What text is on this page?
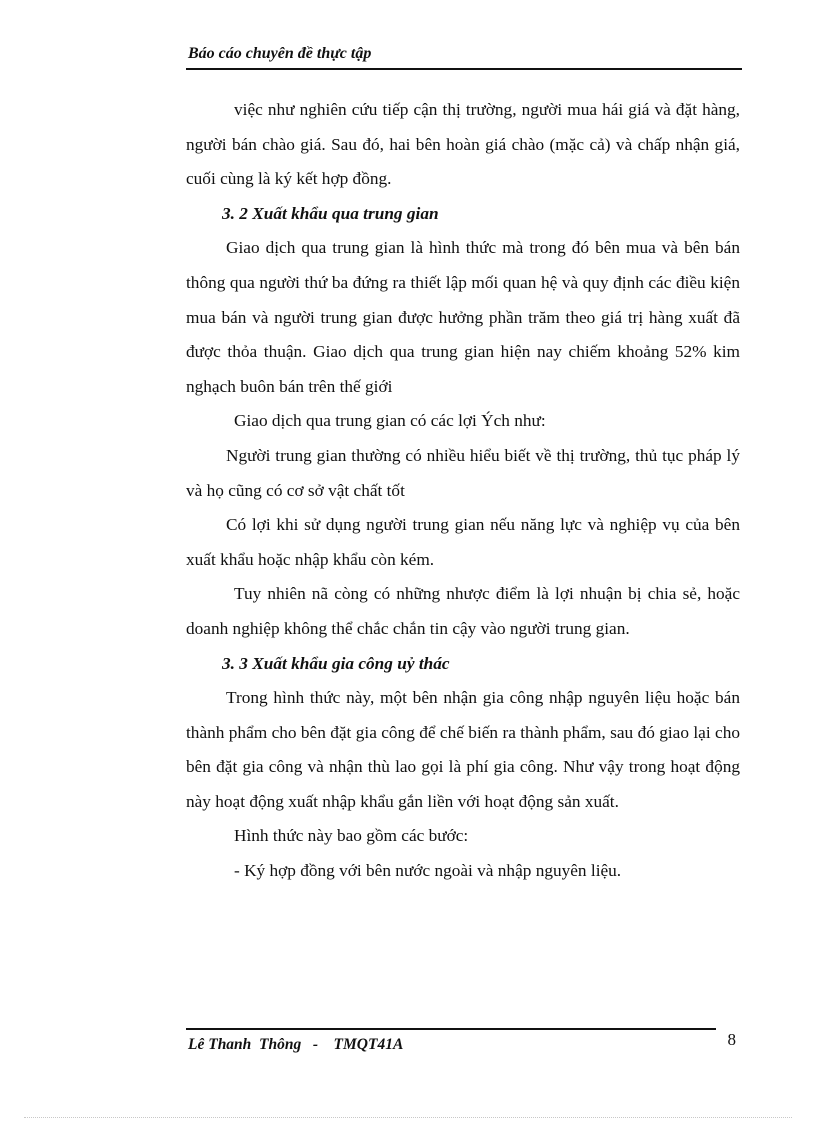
Báo cáo chuyên đề thực tập

việc như nghiên cứu tiếp cận thị trường, người mua hái giá và đặt hàng, người bán chào giá. Sau đó, hai bên hoàn giá chào (mặc cả) và chấp nhận giá, cuối cùng là ký kết hợp đồng.

3. 2 Xuất khẩu qua trung gian

Giao dịch qua trung gian là hình thức mà trong đó bên mua và bên bán thông qua người thứ ba đứng ra thiết lập mối quan hệ và quy định các điều kiện mua bán và người trung gian được hưởng phần trăm theo giá trị hàng xuất đã được thỏa thuận. Giao dịch qua trung gian hiện nay chiếm khoảng 52% kim nghạch buôn bán trên thế giới

Giao dịch qua trung gian có các lợi Ých như:

Người trung gian thường có nhiều hiểu biết về thị trường, thủ tục pháp lý và họ cũng có cơ sở vật chất tốt

Có lợi khi sử dụng người trung gian nếu năng lực và nghiệp vụ của bên xuất khẩu hoặc nhập khẩu còn kém.

Tuy nhiên nã còng có những nhược điểm là lợi nhuận bị chia sẻ, hoặc doanh nghiệp không thể chắc chắn tin cậy vào người trung gian.

3. 3 Xuất khẩu gia công uỷ thác

Trong hình thức này, một bên nhận gia công nhập nguyên liệu hoặc bán thành phẩm cho bên đặt gia công để chế biến ra thành phẩm, sau đó giao lại cho bên đặt gia công và nhận thù lao gọi là phí gia công. Như vậy trong hoạt động này hoạt động xuất nhập khẩu gắn liền với hoạt động sản xuất.

Hình thức này bao gồm các bước:

- Ký hợp đồng với bên nước ngoài và nhập nguyên liệu.

Lê Thanh  Thông   -    TMQT41A	8
